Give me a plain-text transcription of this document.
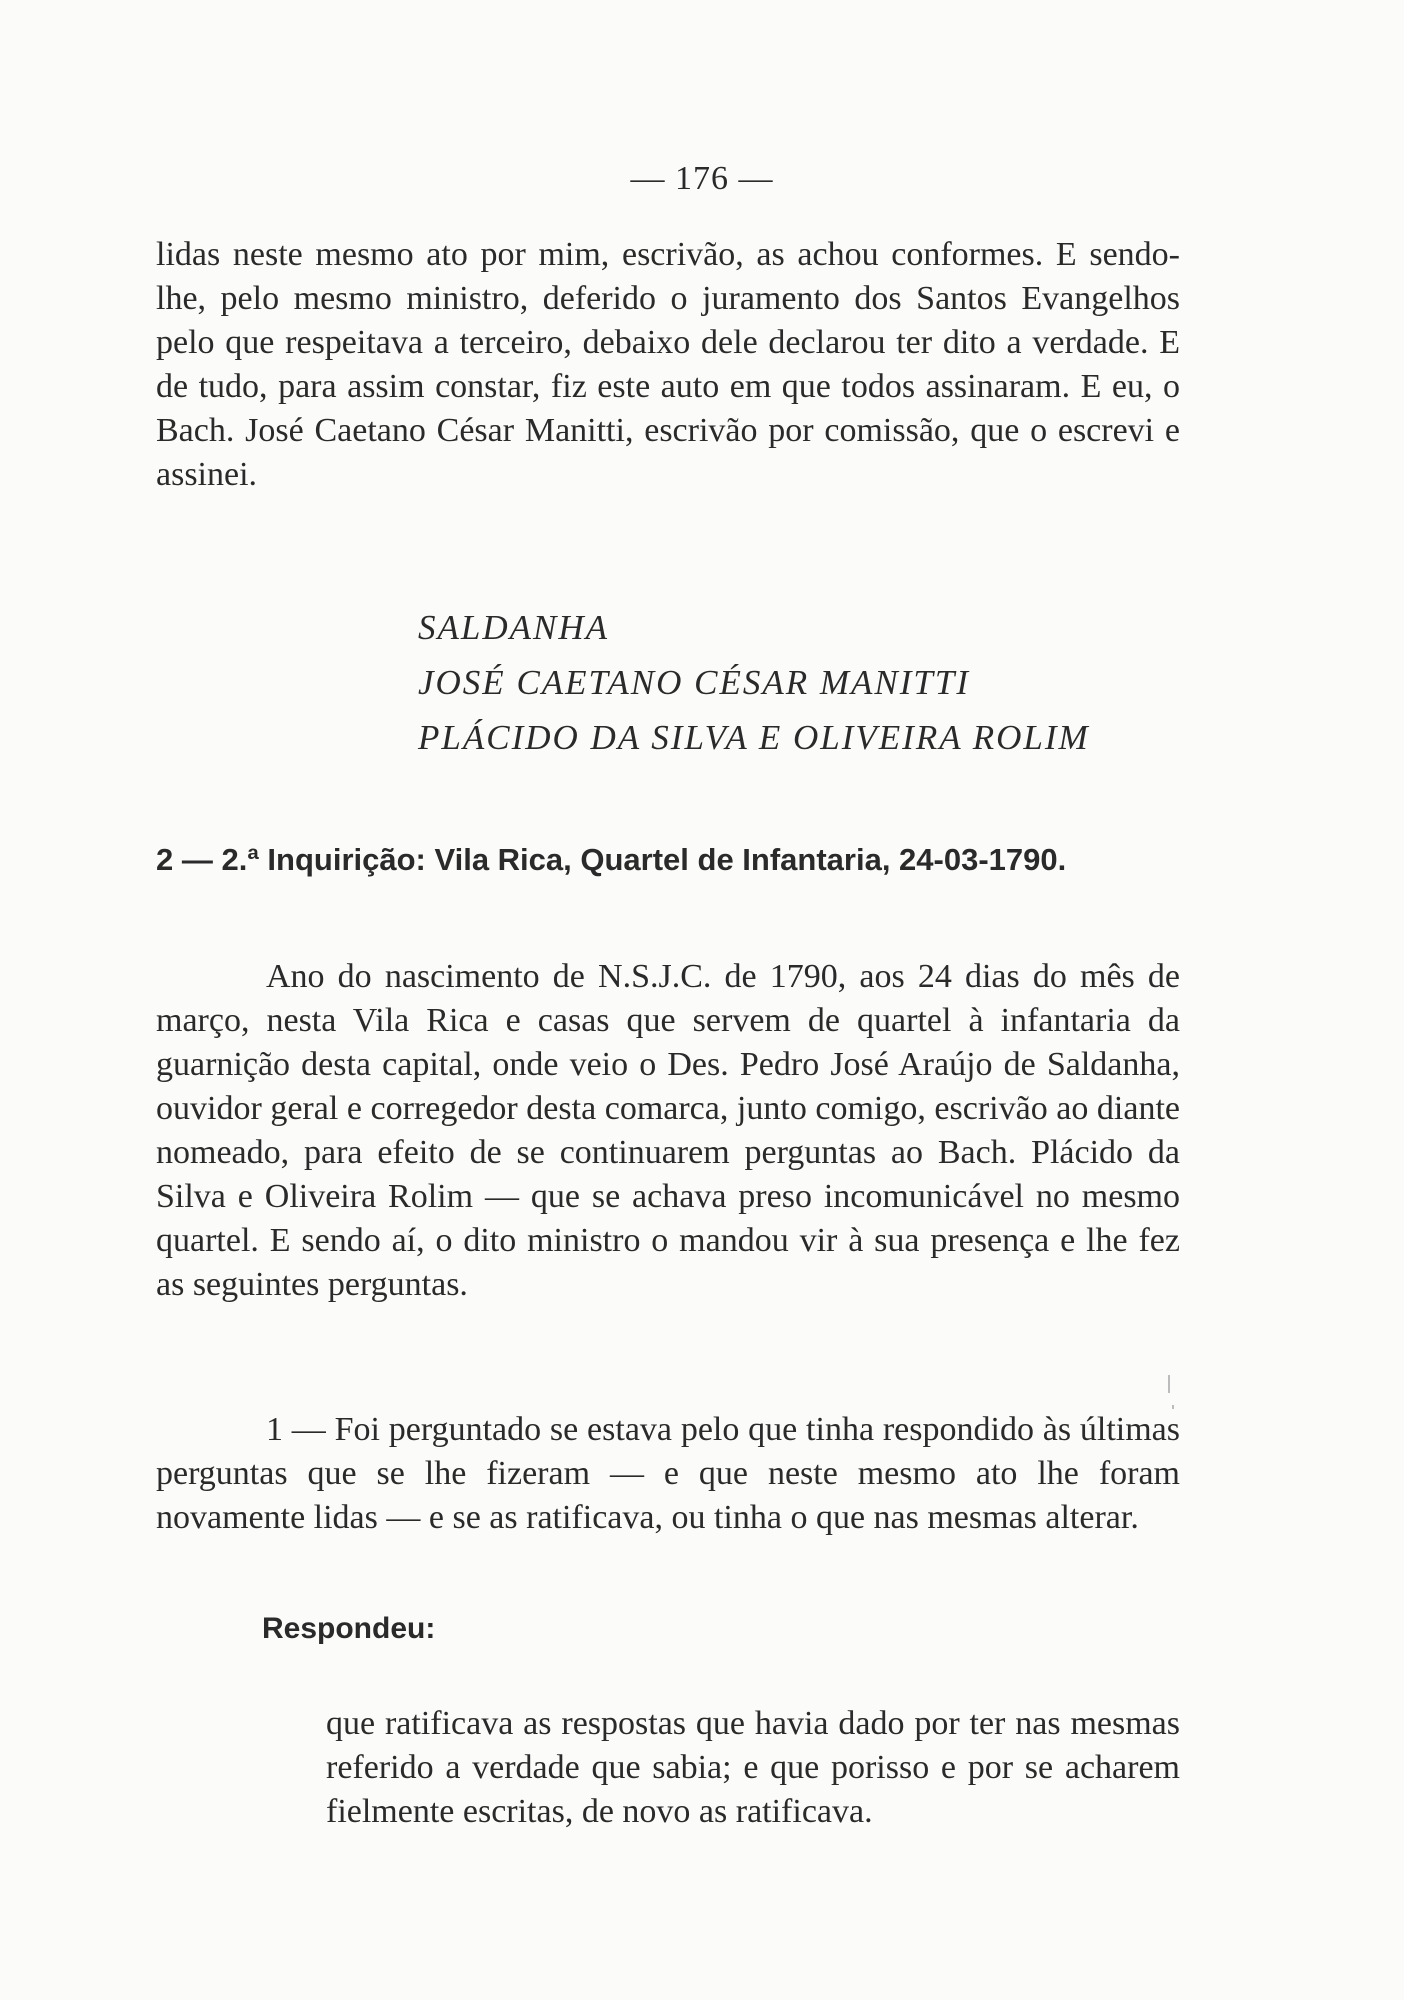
— 176 —

lidas neste mesmo ato por mim, escrivão, as achou conformes. E sendo-lhe, pelo mesmo ministro, deferido o juramento dos Santos Evangelhos pelo que respeitava a terceiro, debaixo dele declarou ter dito a verdade. E de tudo, para assim constar, fiz este auto em que todos assinaram. E eu, o Bach. José Caetano César Manitti, escrivão por comissão, que o escrevi e assinei.

SALDANHA
JOSÉ CAETANO CÉSAR MANITTI
PLÁCIDO DA SILVA E OLIVEIRA ROLIM
2 — 2.ª Inquirição: Vila Rica, Quartel de Infantaria, 24-03-1790.

Ano do nascimento de N.S.J.C. de 1790, aos 24 dias do mês de março, nesta Vila Rica e casas que servem de quartel à infantaria da guarnição desta capital, onde veio o Des. Pedro José Araújo de Saldanha, ouvidor geral e corregedor desta comarca, junto comigo, escrivão ao diante nomeado, para efeito de se continuarem perguntas ao Bach. Plácido da Silva e Oliveira Rolim — que se achava preso incomunicável no mesmo quartel. E sendo aí, o dito ministro o mandou vir à sua presença e lhe fez as seguintes perguntas.

1 — Foi perguntado se estava pelo que tinha respondido às últimas perguntas que se lhe fizeram — e que neste mesmo ato lhe foram novamente lidas — e se as ratificava, ou tinha o que nas mesmas alterar.

Respondeu:

que ratificava as respostas que havia dado por ter nas mesmas referido a verdade que sabia; e que porisso e por se acharem fielmente escritas, de novo as ratificava.
